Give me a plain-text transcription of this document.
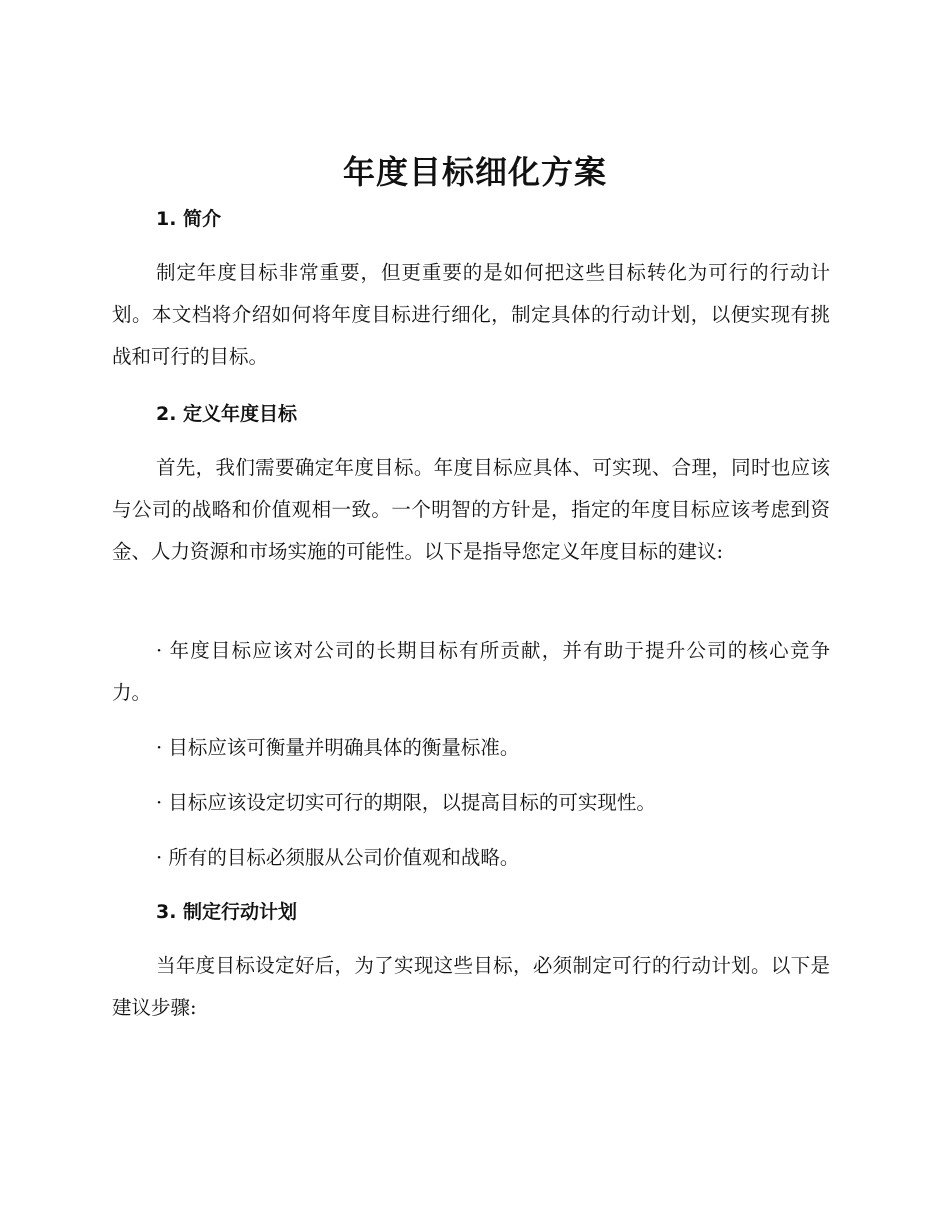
年度目标细化方案
1. 简介
制定年度目标非常重要，但更重要的是如何把这些目标转化为可行的行动计划。本文档将介绍如何将年度目标进行细化，制定具体的行动计划，以便实现有挑战和可行的目标。
2. 定义年度目标
首先，我们需要确定年度目标。年度目标应具体、可实现、合理，同时也应该与公司的战略和价值观相一致。一个明智的方针是，指定的年度目标应该考虑到资金、人力资源和市场实施的可能性。以下是指导您定义年度目标的建议:
· 年度目标应该对公司的长期目标有所贡献，并有助于提升公司的核心竞争力。
· 目标应该可衡量并明确具体的衡量标准。
· 目标应该设定切实可行的期限，以提高目标的可实现性。
· 所有的目标必须服从公司价值观和战略。
3. 制定行动计划
当年度目标设定好后，为了实现这些目标，必须制定可行的行动计划。以下是建议步骤:
